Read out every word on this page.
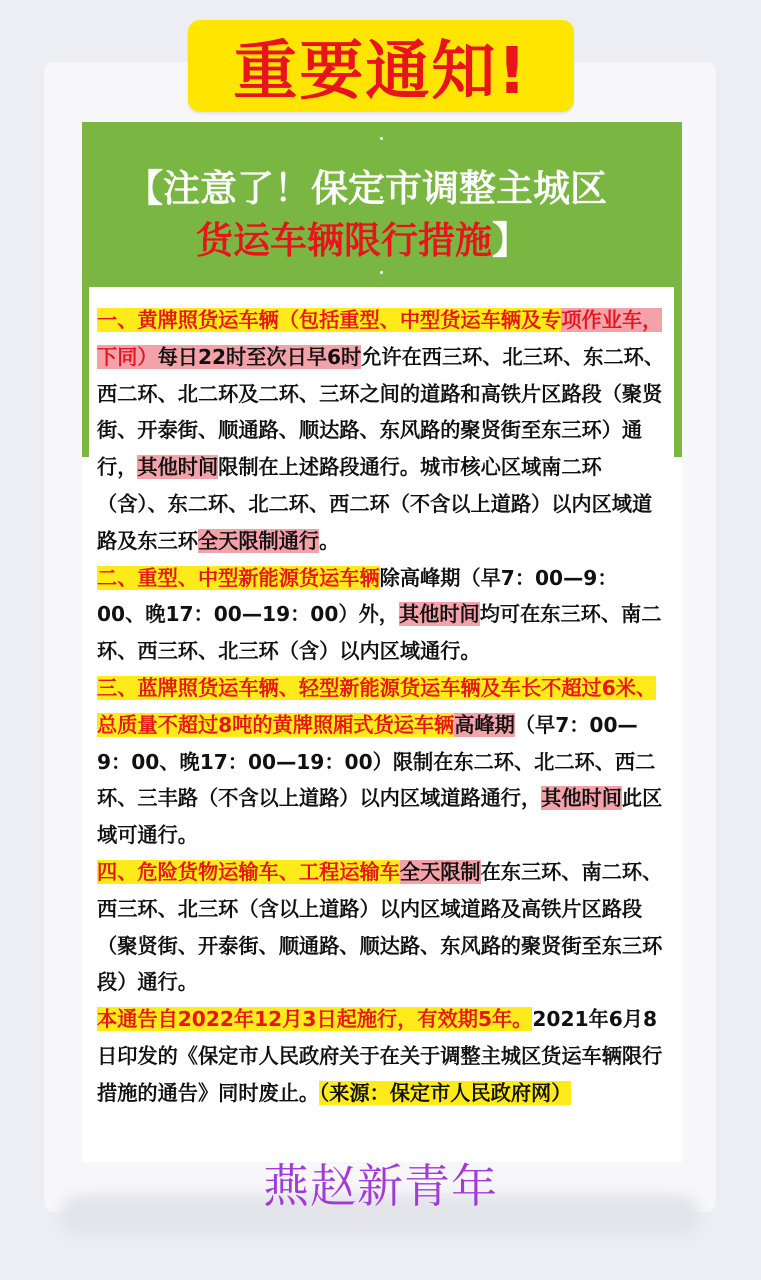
重要通知!
【注意了！保定市调整主城区
货运车辆限行措施】

一、黄牌照货运车辆（包括重型、中型货运车辆及专项作业车，下同）每日22时至次日早6时允许在西三环、北三环、东二环、西二环、北二环及二环、三环之间的道路和高铁片区路段（聚贤街、开泰街、顺通路、顺达路、东风路的聚贤街至东三环）通行，其他时间限制在上述路段通行。城市核心区域南二环（含）、东二环、北二环、西二环（不含以上道路）以内区域道路及东三环全天限制通行。

二、重型、中型新能源货运车辆除高峰期（早7：00—9：00、晚17：00—19：00）外，其他时间均可在东三环、南二环、西三环、北三环（含）以内区域通行。

三、蓝牌照货运车辆、轻型新能源货运车辆及车长不超过6米、总质量不超过8吨的黄牌照厢式货运车辆高峰期（早7：00—9：00、晚17：00—19：00）限制在东二环、北二环、西二环、三丰路（不含以上道路）以内区域道路通行，其他时间此区域可通行。

四、危险货物运输车、工程运输车全天限制在东三环、南二环、西三环、北三环（含以上道路）以内区域道路及高铁片区路段（聚贤街、开泰街、顺通路、顺达路、东风路的聚贤街至东三环段）通行。

本通告自2022年12月3日起施行，有效期5年。2021年6月8日印发的《保定市人民政府关于在关于调整主城区货运车辆限行措施的通告》同时废止。（来源：保定市人民政府网）

燕赵新青年
